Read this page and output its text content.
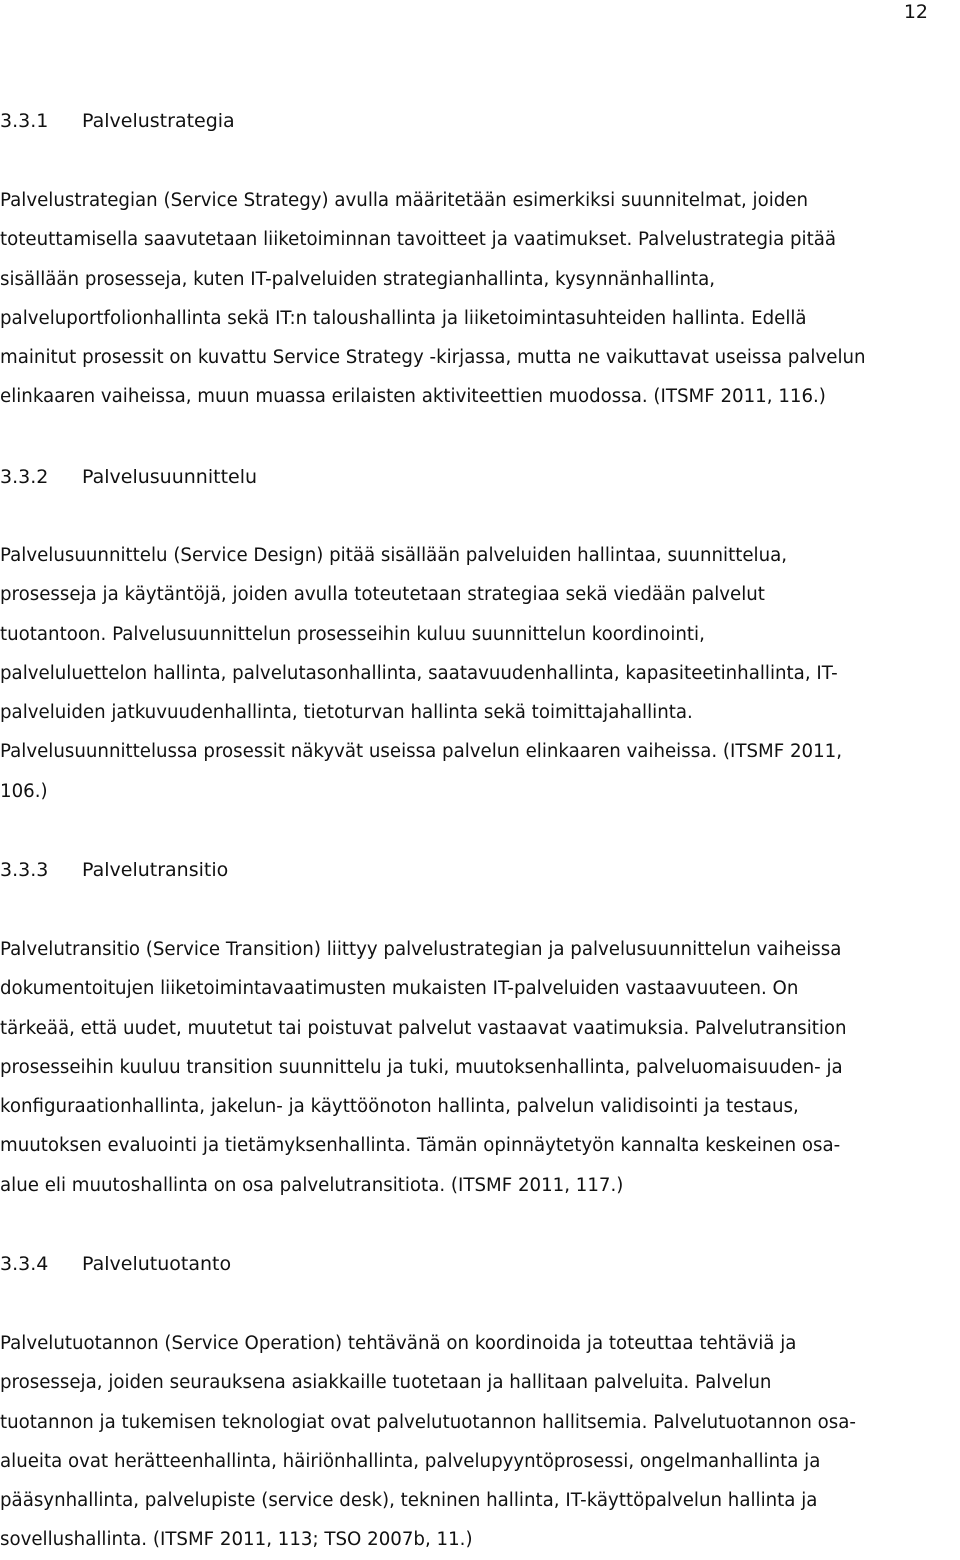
12
3.3.1 Palvelustrategia

Palvelustrategian (Service Strategy) avulla määritetään esimerkiksi suunnitelmat, joiden
toteuttamisella saavutetaan liiketoiminnan tavoitteet ja vaatimukset. Palvelustrategia pitää
sisällään prosesseja, kuten IT-palveluiden strategianhallinta, kysynnänhallinta,
palveluportfolionhallinta sekä IT:n taloushallinta ja liiketoimintasuhteiden hallinta. Edellä
mainitut prosessit on kuvattu Service Strategy -kirjassa, mutta ne vaikuttavat useissa palvelun
elinkaaren vaiheissa, muun muassa erilaisten aktiviteettien muodossa. (ITSMF 2011, 116.)

3.3.2 Palvelusuunnittelu

Palvelusuunnittelu (Service Design) pitää sisällään palveluiden hallintaa, suunnittelua,
prosesseja ja käytäntöjä, joiden avulla toteutetaan strategiaa sekä viedään palvelut
tuotantoon. Palvelusuunnittelun prosesseihin kuluu suunnittelun koordinointi,
palveluluettelon hallinta, palvelutasonhallinta, saatavuudenhallinta, kapasiteetinhallinta, IT-
palveluiden jatkuvuudenhallinta, tietoturvan hallinta sekä toimittajahallinta.
Palvelusuunnittelussa prosessit näkyvät useissa palvelun elinkaaren vaiheissa. (ITSMF 2011,
106.)

3.3.3 Palvelutransitio

Palvelutransitio (Service Transition) liittyy palvelustrategian ja palvelusuunnittelun vaiheissa
dokumentoitujen liiketoimintavaatimusten mukaisten IT-palveluiden vastaavuuteen. On
tärkeää, että uudet, muutetut tai poistuvat palvelut vastaavat vaatimuksia. Palvelutransition
prosesseihin kuuluu transition suunnittelu ja tuki, muutoksenhallinta, palveluomaisuuden- ja
konfiguraationhallinta, jakelun- ja käyttöönoton hallinta, palvelun validisointi ja testaus,
muutoksen evaluointi ja tietämyksenhallinta. Tämän opinnäytetyön kannalta keskeinen osa-
alue eli muutoshallinta on osa palvelutransitiota. (ITSMF 2011, 117.)

3.3.4 Palvelutuotanto

Palvelutuotannon (Service Operation) tehtävänä on koordinoida ja toteuttaa tehtäviä ja
prosesseja, joiden seurauksena asiakkaille tuotetaan ja hallitaan palveluita. Palvelun
tuotannon ja tukemisen teknologiat ovat palvelutuotannon hallitsemia. Palvelutuotannon osa-
alueita ovat herätteenhallinta, häiriönhallinta, palvelupyyntöprosessi, ongelmanhallinta ja
pääsynhallinta, palvelupiste (service desk), tekninen hallinta, IT-käyttöpalvelun hallinta ja
sovellushallinta. (ITSMF 2011, 113; TSO 2007b, 11.)
